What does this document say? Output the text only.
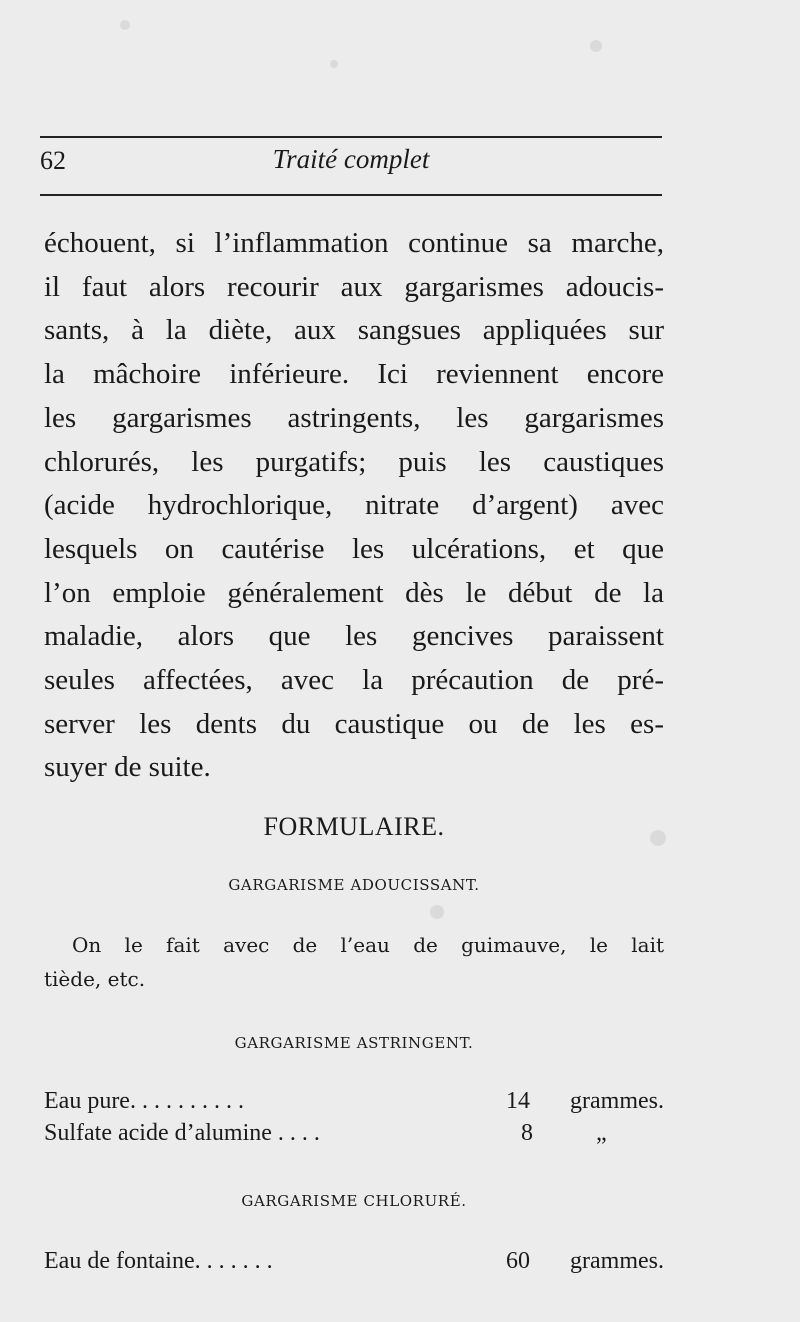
62	Traité complet
échouent, si l’inflammation continue sa marche,
il faut alors recourir aux gargarismes adoucis-
sants, à la diète, aux sangsues appliquées sur
la mâchoire inférieure. Ici reviennent encore
les gargarismes astringents, les gargarismes
chlorurés, les purgatifs; puis les caustiques
(acide hydrochlorique, nitrate d’argent) avec
lesquels on cautérise les ulcérations, et que
l’on emploie généralement dès le début de la
maladie, alors que les gencives paraissent
seules affectées, avec la précaution de pré-
server les dents du caustique ou de les es-
suyer de suite.
FORMULAIRE.
GARGARISME ADOUCISSANT.
On le fait avec de l’eau de guimauve, le lait
tiède, etc.
GARGARISME ASTRINGENT.
Eau pure. . . . . . . . . .	14 grammes.
Sulfate acide d’alumine . . . .	8	„
GARGARISME CHLORURÉ.
Eau de fontaine. . . . . . .	60 grammes.
